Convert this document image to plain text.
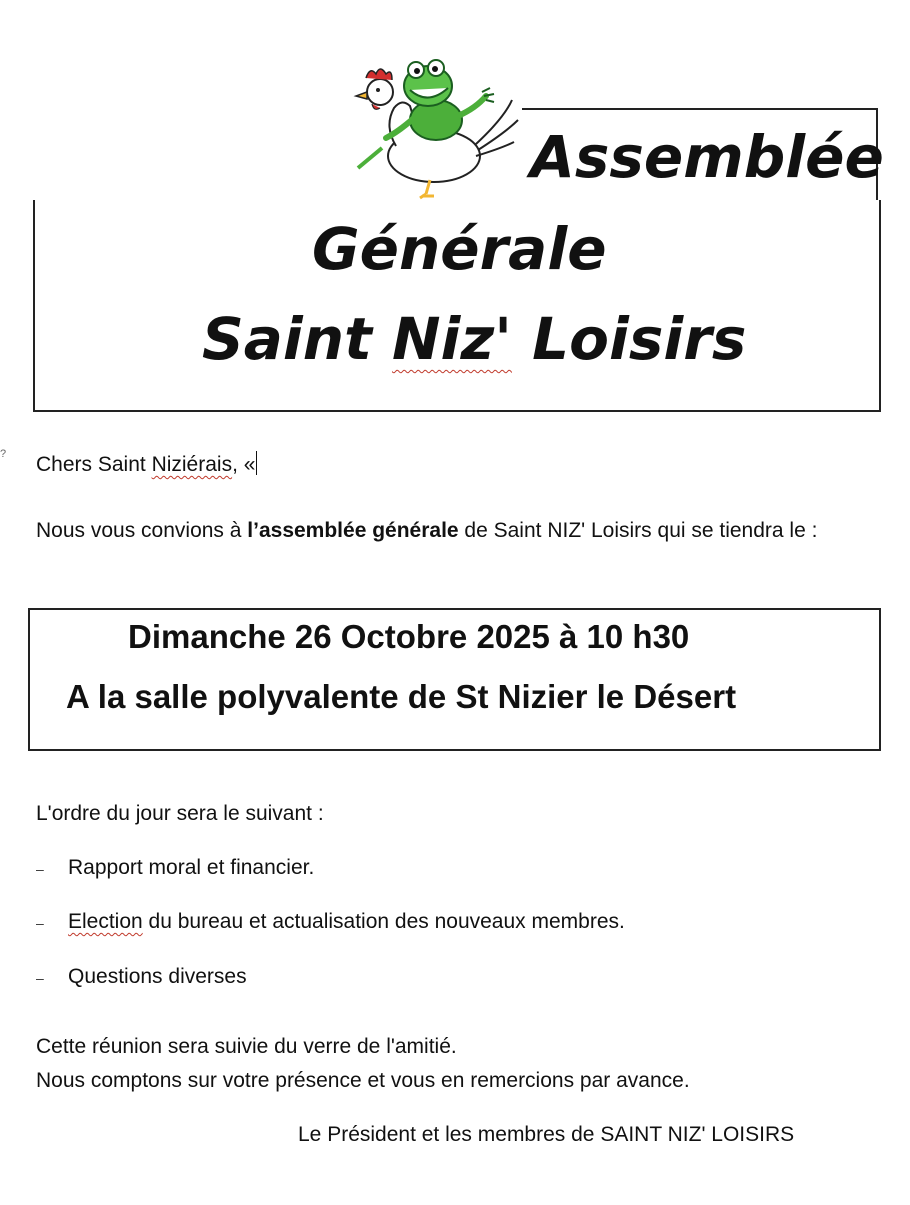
Assemblée
Générale
Saint Niz' Loisirs
? Chers Saint Niziérais, «
Nous vous convions à l’assemblée générale de Saint NIZ' Loisirs qui se tiendra le :
Dimanche 26 Octobre 2025 à 10 h30
A la salle polyvalente de St Nizier le Désert
L'ordre du jour sera le suivant :
– Rapport moral et financier.
– Election du bureau et actualisation des nouveaux membres.
– Questions diverses
Cette réunion sera suivie du verre de l'amitié.
Nous comptons sur votre présence et vous en remercions par avance.
Le Président et les membres de SAINT NIZ' LOISIRS
